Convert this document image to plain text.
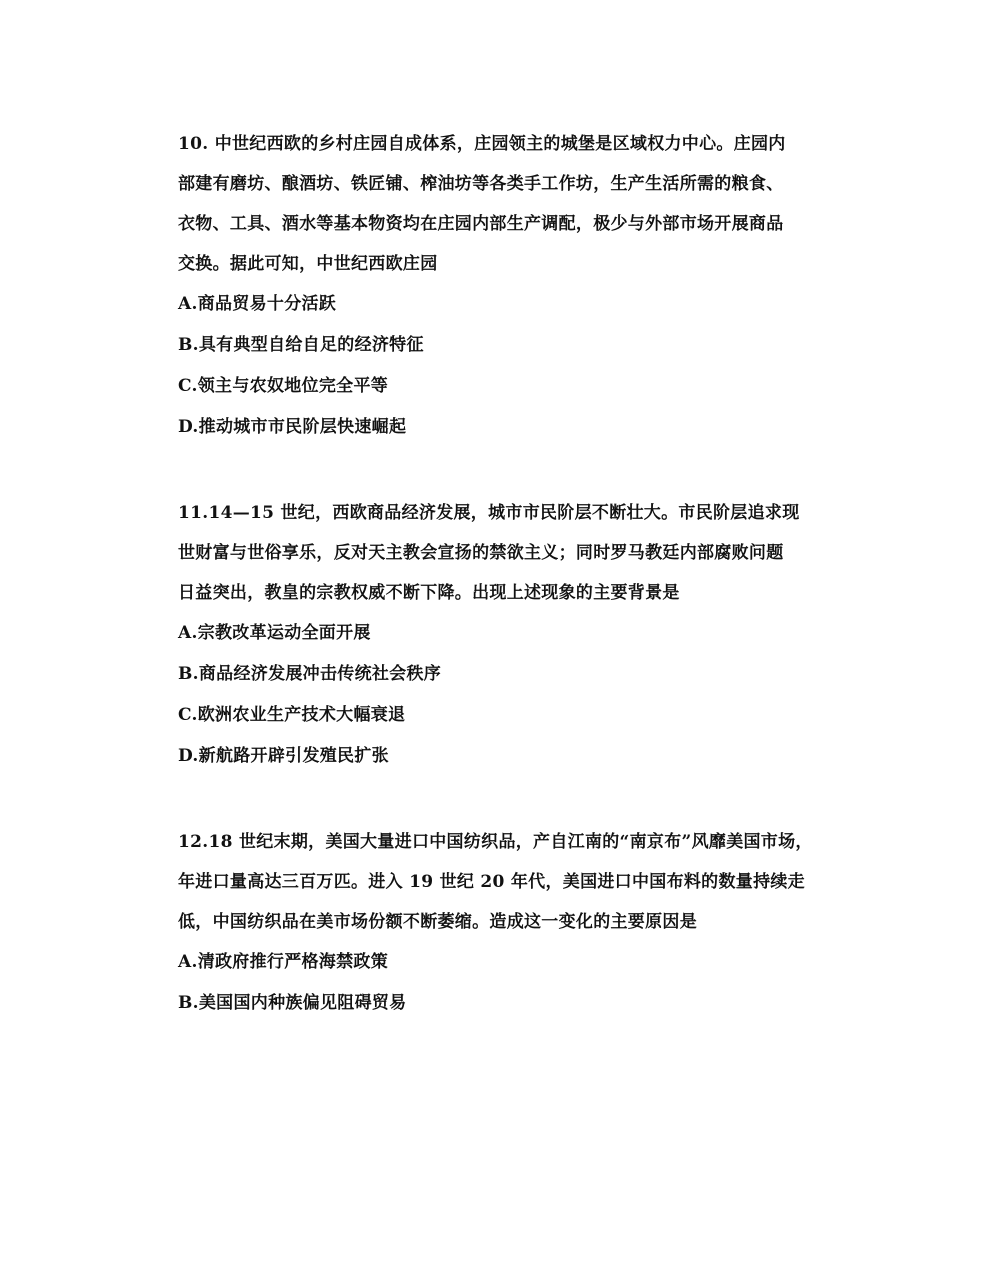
10. 中世纪西欧的乡村庄园自成体系，庄园领主的城堡是区域权力中心。庄园内
部建有磨坊、酿酒坊、铁匠铺、榨油坊等各类手工作坊，生产生活所需的粮食、
衣物、工具、酒水等基本物资均在庄园内部生产调配，极少与外部市场开展商品
交换。据此可知，中世纪西欧庄园

A.商品贸易十分活跃

B.具有典型自给自足的经济特征

C.领主与农奴地位完全平等

D.推动城市市民阶层快速崛起

11.14—15 世纪，西欧商品经济发展，城市市民阶层不断壮大。市民阶层追求现
世财富与世俗享乐，反对天主教会宣扬的禁欲主义；同时罗马教廷内部腐败问题
日益突出，教皇的宗教权威不断下降。出现上述现象的主要背景是

A.宗教改革运动全面开展

B.商品经济发展冲击传统社会秩序

C.欧洲农业生产技术大幅衰退

D.新航路开辟引发殖民扩张

12.18 世纪末期，美国大量进口中国纺织品，产自江南的“南京布”风靡美国市场，
年进口量高达三百万匹。进入 19 世纪 20 年代，美国进口中国布料的数量持续走
低，中国纺织品在美市场份额不断萎缩。造成这一变化的主要原因是

A.清政府推行严格海禁政策

B.美国国内种族偏见阻碍贸易
